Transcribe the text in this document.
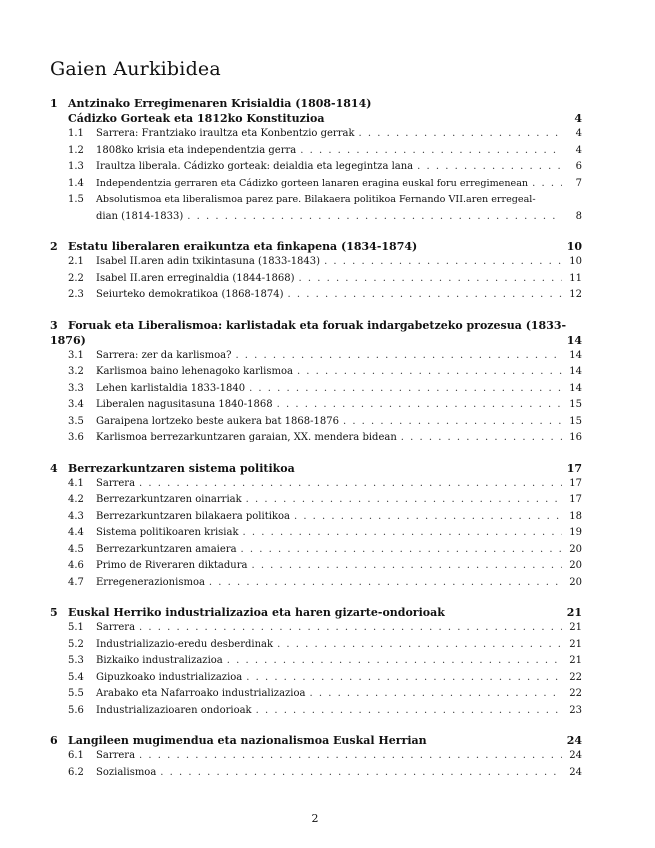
Gaien Aurkibidea
1 Antzinako Erregimenaren Krisialdia (1808-1814)
Cádizko Gorteak eta 1812ko Konstituzioa	4
1.1	Sarrera: Frantziako iraultza eta Konbentzio gerrak . . .	4
1.2	1808ko krisia eta independentzia gerra . . .	4
1.3	Iraultza liberala. Cádizko gorteak: deialdia eta legegintza lana . . .	6
1.4	Independentzia gerraren eta Cádizko gorteen lanaren eragina euskal foru erregimenean . . .	7
1.5	Absolutismoa eta liberalismoa parez pare. Bilakaera politikoa Fernando VII.aren erregeal-
dian (1814-1833) . . .	8
2 Estatu liberalaren eraikuntza eta finkapena (1834-1874)	10
2.1	Isabel II.aren adin txikintasuna (1833-1843) . . .	10
2.2	Isabel II.aren erreginaldia (1844-1868) . . .	11
2.3	Seiurteko demokratikoa (1868-1874) . . .	12
3 Foruak eta Liberalismoa: karlistadak eta foruak indargabetzeko prozesua (1833-
1876)	14
3.1	Sarrera: zer da karlismoa? . . .	14
3.2	Karlismoa baino lehenagoko karlismoa . . .	14
3.3	Lehen karlistaldia 1833-1840 . . .	14
3.4	Liberalen nagusitasuna 1840-1868 . . .	15
3.5	Garaipena lortzeko beste aukera bat 1868-1876 . . .	15
3.6	Karlismoa berrezarkuntzaren garaian, XX. mendera bidean . . .	16
4 Berrezarkuntzaren sistema politikoa	17
4.1	Sarrera . . .	17
4.2	Berrezarkuntzaren oinarriak . . .	17
4.3	Berrezarkuntzaren bilakaera politikoa . . .	18
4.4	Sistema politikoaren krisiak . . .	19
4.5	Berrezarkuntzaren amaiera . . .	20
4.6	Primo de Riveraren diktadura . . .	20
4.7	Erregenerazionismoa . . .	20
5 Euskal Herriko industrializazioa eta haren gizarte-ondorioak	21
5.1	Sarrera . . .	21
5.2	Industrializazio-eredu desberdinak . . .	21
5.3	Bizkaiko industralizazioa . . .	21
5.4	Gipuzkoako industrializazioa . . .	22
5.5	Arabako eta Nafarroako industrializazioa . . .	22
5.6	Industrializazioaren ondorioak . . .	23
6 Langileen mugimendua eta nazionalismoa Euskal Herrian	24
6.1	Sarrera . . .	24
6.2	Sozialismoa . . .	24
2
